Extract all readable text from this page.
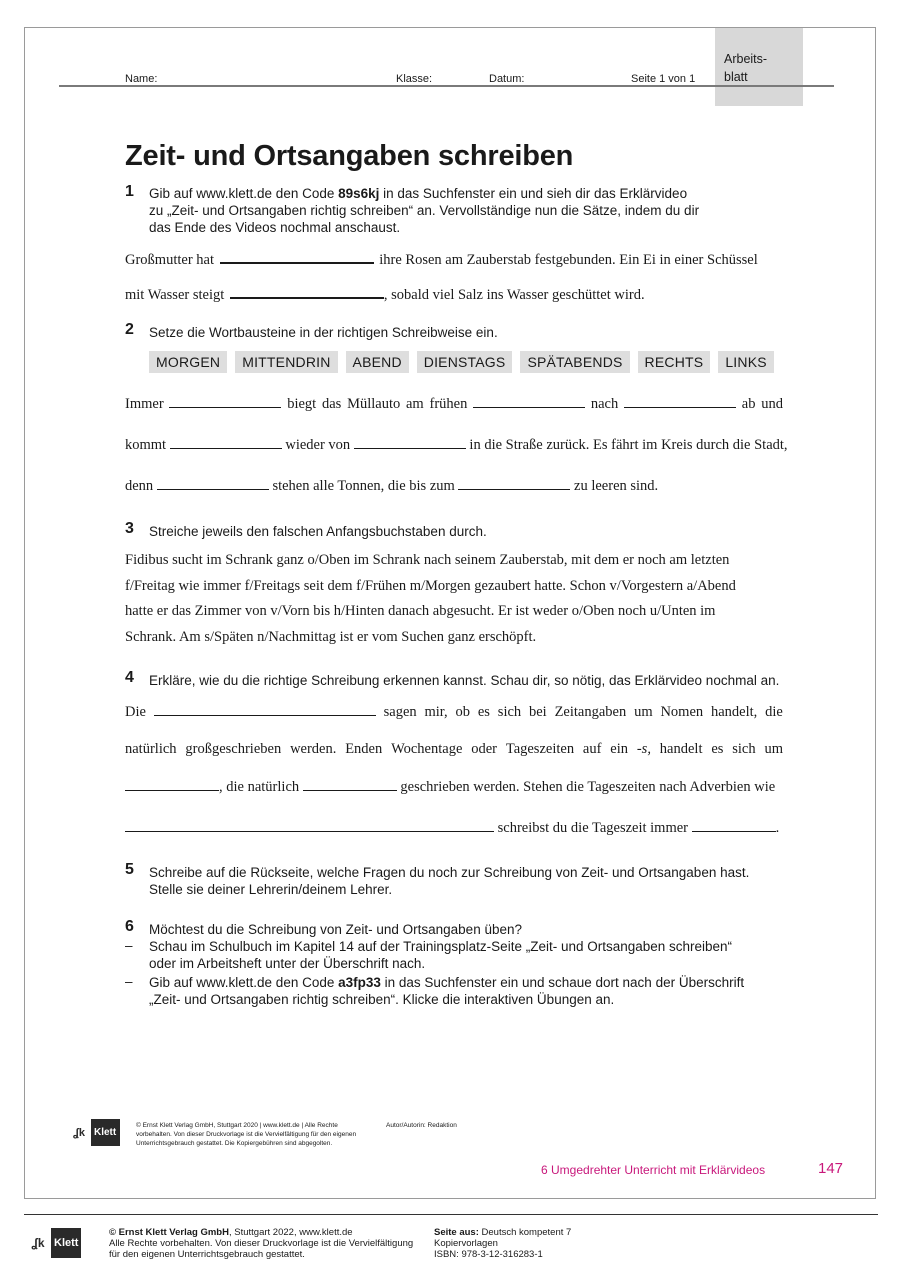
Name:	Klasse:	Datum:	Seite 1 von 1
Arbeits-
blatt
Zeit- und Ortsangaben schreiben
1 Gib auf www.klett.de den Code 89s6kj in das Suchfenster ein und sieh dir das Erklärvideo
zu „Zeit- und Ortsangaben richtig schreiben“ an. Vervollständige nun die Sätze, indem du dir
das Ende des Videos nochmal anschaust.
Großmutter hat	ihre Rosen am Zauberstab festgebunden. Ein Ei in einer Schüssel
mit Wasser steigt	, sobald viel Salz ins Wasser geschüttet wird.
2 Setze die Wortbausteine in der richtigen Schreibweise ein.
MORGEN	MITTENDRIN	ABEND	DIENSTAGS	SPÄTABENDS	RECHTS	LINKS
Immer	biegt das Müllauto am frühen	nach	ab und
kommt	wieder von	in die Straße zurück. Es fährt im Kreis durch die Stadt,
denn	stehen alle Tonnen, die bis zum	zu leeren sind.
3 Streiche jeweils den falschen Anfangsbuchstaben durch.
Fidibus sucht im Schrank ganz o/Oben im Schrank nach seinem Zauberstab, mit dem er noch am letzten
f/Freitag wie immer f/Freitags seit dem f/Frühen m/Morgen gezaubert hatte. Schon v/Vorgestern a/Abend
hatte er das Zimmer von v/Vorn bis h/Hinten danach abgesucht. Er ist weder o/Oben noch u/Unten im
Schrank. Am s/Späten n/Nachmittag ist er vom Suchen ganz erschöpft.
4 Erkläre, wie du die richtige Schreibung erkennen kannst. Schau dir, so nötig, das Erklärvideo nochmal an.
Die	sagen mir, ob es sich bei Zeitangaben um Nomen handelt, die
natürlich großgeschrieben werden. Enden Wochentage oder Tageszeiten auf ein -s, handelt es sich um
, die natürlich	geschrieben werden. Stehen die Tageszeiten nach Adverbien wie
schreibst du die Tageszeit immer	.
5 Schreibe auf die Rückseite, welche Fragen du noch zur Schreibung von Zeit- und Ortsangaben hast.
Stelle sie deiner Lehrerin/deinem Lehrer.
6 Möchtest du die Schreibung von Zeit- und Ortsangaben üben?
– Schau im Schulbuch im Kapitel 14 auf der Trainingsplatz-Seite „Zeit- und Ortsangaben schreiben“
oder im Arbeitsheft unter der Überschrift nach.
– Gib auf www.klett.de den Code a3fp33 in das Suchfenster ein und schaue dort nach der Überschrift
„Zeit- und Ortsangaben richtig schreiben“. Klicke die interaktiven Übungen an.
ʆk Klett
© Ernst Klett Verlag GmbH, Stuttgart 2020 | www.klett.de | Alle Rechte
vorbehalten. Von dieser Druckvorlage ist die Vervielfältigung für den eigenen
Unterrichtsgebrauch gestattet. Die Kopiergebühren sind abgegolten.
Autor/Autorin: Redaktion
6 Umgedrehter Unterricht mit Erklärvideos	147
ʆk Klett
© Ernst Klett Verlag GmbH, Stuttgart 2022, www.klett.de
Alle Rechte vorbehalten. Von dieser Druckvorlage ist die Vervielfältigung
für den eigenen Unterrichtsgebrauch gestattet.
Seite aus: Deutsch kompetent 7
Kopiervorlagen
ISBN: 978-3-12-316283-1
